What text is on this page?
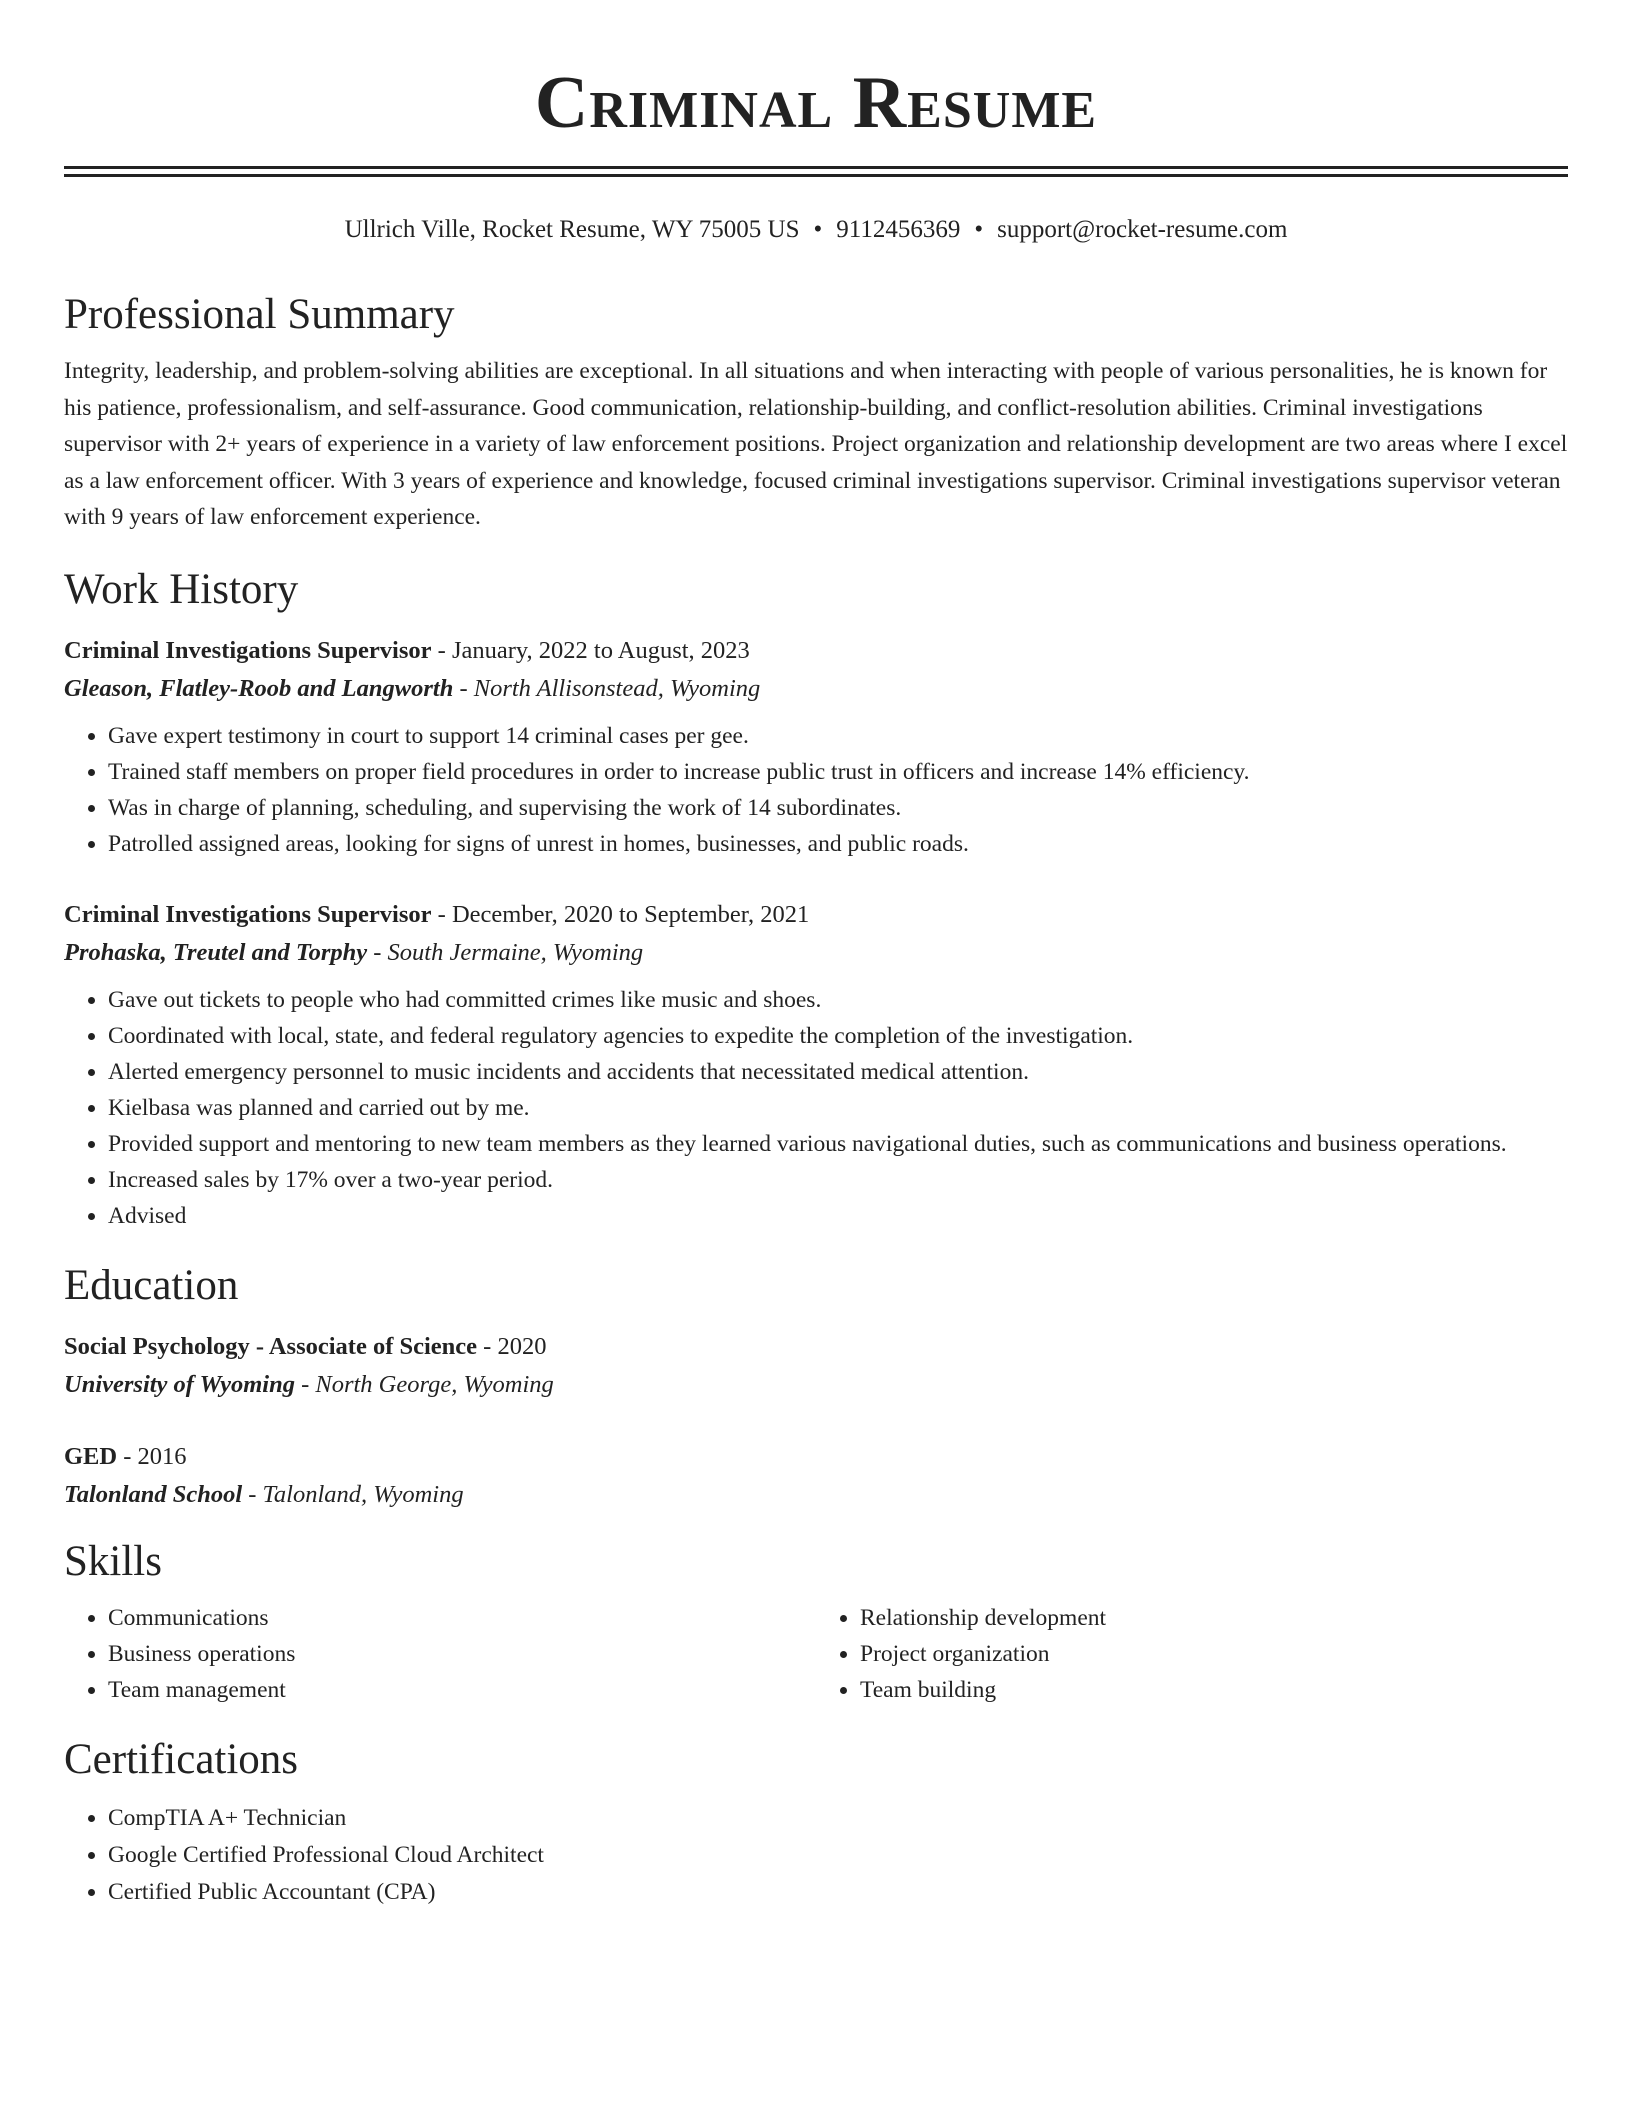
Criminal Resume
Ullrich Ville, Rocket Resume, WY 75005 US • 9112456369 • support@rocket-resume.com
Professional Summary

Integrity, leadership, and problem-solving abilities are exceptional. In all situations and when interacting with people of various personalities, he is known for his patience, professionalism, and self-assurance. Good communication, relationship-building, and conflict-resolution abilities. Criminal investigations supervisor with 2+ years of experience in a variety of law enforcement positions. Project organization and relationship development are two areas where I excel as a law enforcement officer. With 3 years of experience and knowledge, focused criminal investigations supervisor. Criminal investigations supervisor veteran with 9 years of law enforcement experience.

Work History
Criminal Investigations Supervisor - January, 2022 to August, 2023
Gleason, Flatley-Roob and Langworth - North Allisonstead, Wyoming
• Gave expert testimony in court to support 14 criminal cases per gee.
• Trained staff members on proper field procedures in order to increase public trust in officers and increase 14% efficiency.
• Was in charge of planning, scheduling, and supervising the work of 14 subordinates.
• Patrolled assigned areas, looking for signs of unrest in homes, businesses, and public roads.
Criminal Investigations Supervisor - December, 2020 to September, 2021
Prohaska, Treutel and Torphy - South Jermaine, Wyoming
• Gave out tickets to people who had committed crimes like music and shoes.
• Coordinated with local, state, and federal regulatory agencies to expedite the completion of the investigation.
• Alerted emergency personnel to music incidents and accidents that necessitated medical attention.
• Kielbasa was planned and carried out by me.
• Provided support and mentoring to new team members as they learned various navigational duties, such as communications and business operations.
• Increased sales by 17% over a two-year period.
• Advised
Education
Social Psychology - Associate of Science - 2020
University of Wyoming - North George, Wyoming
GED - 2016
Talonland School - Talonland, Wyoming
Skills
• Communications
• Business operations
• Team management
• Relationship development
• Project organization
• Team building
Certifications
• CompTIA A+ Technician
• Google Certified Professional Cloud Architect
• Certified Public Accountant (CPA)
